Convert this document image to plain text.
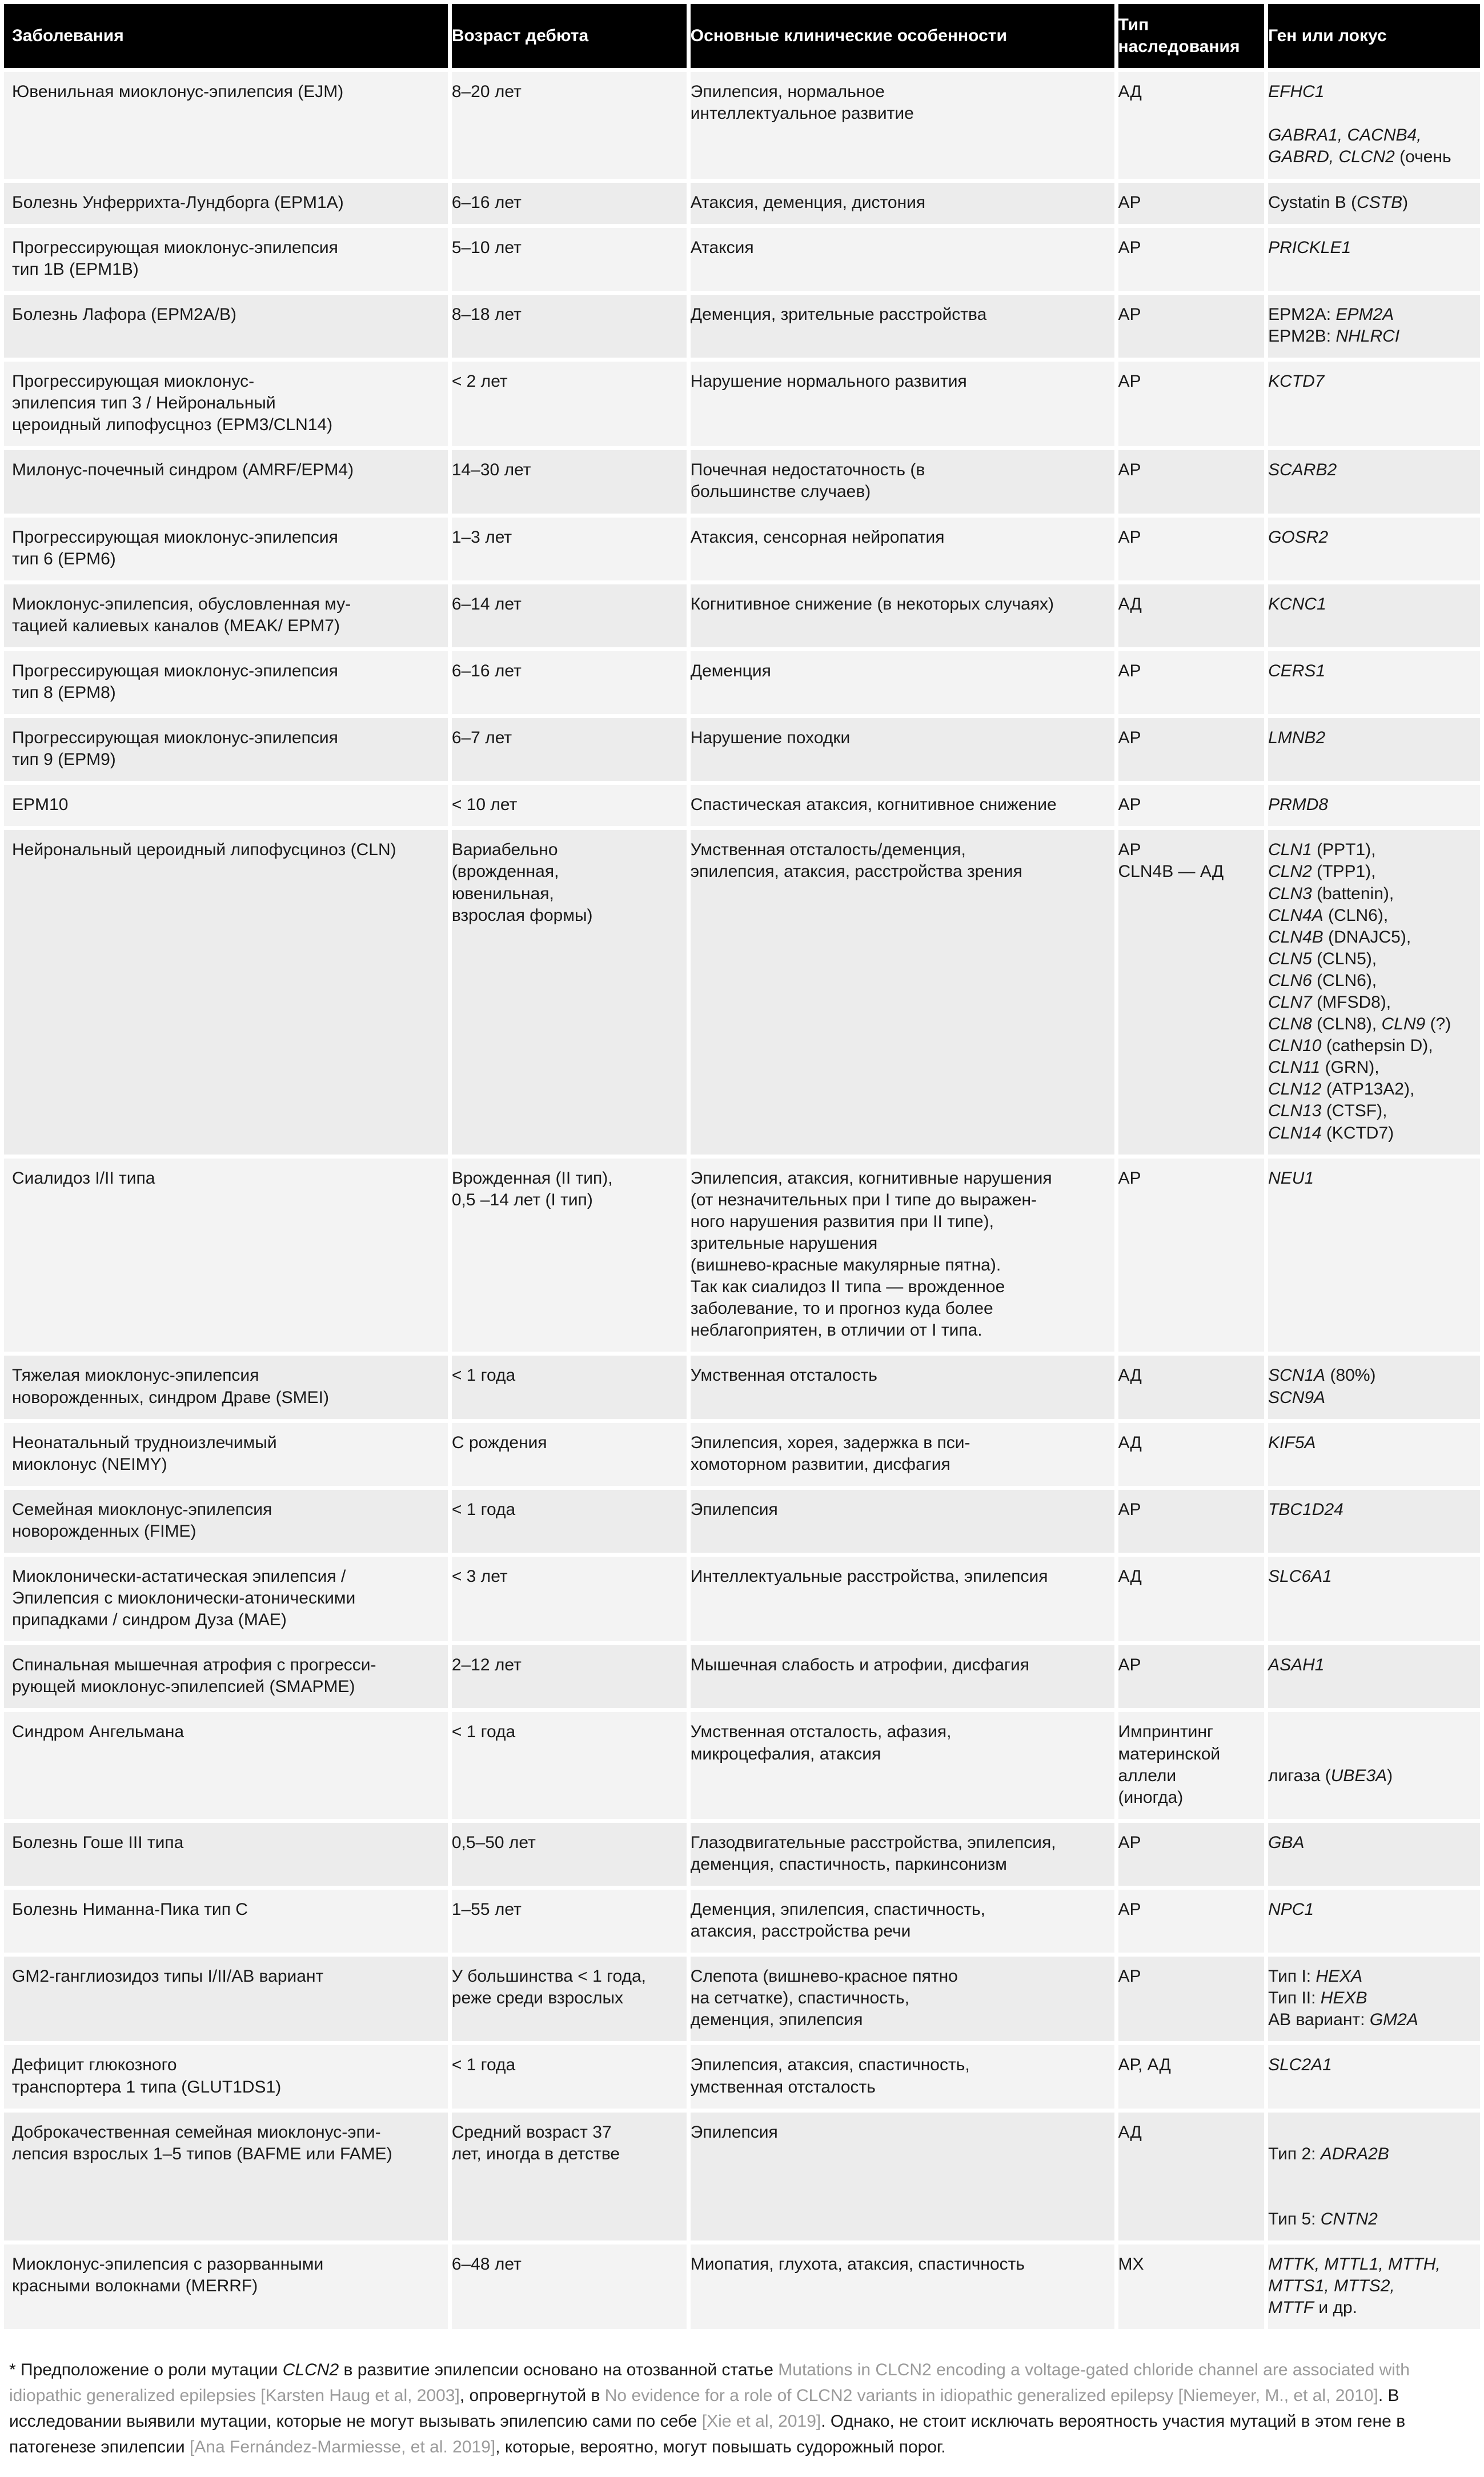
Заболевания	Возраст дебюта	Основные клинические особенности	Тип
наследования	Ген или локус
Ювенильная миоклонус-эпилепсия (EJM)	8–20 лет	Эпилепсия, нормальное
интеллектуальное развитие	АД	EFHC1

GABRA1, CACNB4,
GABRD, CLCN2 (очень

Болезнь Унферрихта-Лундборга (EPM1A)	6–16 лет	Атаксия, деменция, дистония	АР	Cystatin B (CSTB)
Прогрессирующая миоклонус-эпилепсия
тип 1B (EPM1B)	5–10 лет	Атаксия	АР	PRICKLE1
Болезнь Лафора (EPM2A/B)	8–18 лет	Деменция, зрительные расстройства	АР	EPM2A: EPM2A
EPM2B: NHLRCI
Прогрессирующая миоклонус-
эпилепсия тип 3 / Нейрональный
цероидный липофусцноз (EPM3/CLN14)	< 2 лет	Нарушение нормального развития	АР	KCTD7
Милонус-почечный синдром (AMRF/EPM4)	14–30 лет	Почечная недостаточность (в
большинстве случаев)	АР	SCARB2
Прогрессирующая миоклонус-эпилепсия
тип 6 (EPM6)	1–3 лет	Атаксия, сенсорная нейропатия	АР	GOSR2
Миоклонус-эпилепсия, обусловленная му-
тацией калиевых каналов (MEAK/ EPM7)	6–14 лет	Когнитивное снижение (в некоторых случаях)	АД	KCNC1
Прогрессирующая миоклонус-эпилепсия
тип 8 (EPM8)	6–16 лет	Деменция	АР	CERS1
Прогрессирующая миоклонус-эпилепсия
тип 9 (EPM9)	6–7 лет	Нарушение походки	АР	LMNB2
EPM10	< 10 лет	Спастическая атаксия, когнитивное снижение	АР	PRMD8
Нейрональный цероидный липофусциноз (CLN)	Вариабельно
(врожденная,
ювенильная,
взрослая формы)	Умственная отсталость/деменция,
эпилепсия, атаксия, расстройства зрения	АР
CLN4B — АД	CLN1 (PPT1),
CLN2 (TPP1),
CLN3 (battenin),
CLN4A (CLN6),
CLN4B (DNAJC5),
CLN5 (CLN5),
CLN6 (CLN6),
CLN7 (MFSD8),
CLN8 (CLN8), CLN9 (?)
CLN10 (cathepsin D),
CLN11 (GRN),
CLN12 (ATP13A2),
CLN13 (CTSF),
CLN14 (KCTD7)
Сиалидоз I/II типа	Врожденная (II тип),
0,5 –14 лет (I тип)	Эпилепсия, атаксия, когнитивные нарушения
(от незначительных при I типе до выражен-
ного нарушения развития при II типе),
зрительные нарушения
(вишнево-красные макулярные пятна).
Так как сиалидоз II типа — врожденное
заболевание, то и прогноз куда более
неблагоприятен, в отличии от I типа.	АР	NEU1
Тяжелая миоклонус-эпилепсия
новорожденных, синдром Драве (SMEI)	< 1 года	Умственная отсталость	АД	SCN1A (80%)
SCN9A
Неонатальный трудноизлечимый
миоклонус (NEIMY)	С рождения	Эпилепсия, хорея, задержка в пси-
хомоторном развитии, дисфагия	АД	KIF5A
Семейная миоклонус-эпилепсия
новорожденных (FIME)	< 1 года	Эпилепсия	АР	TBC1D24
Миоклонически-астатическая эпилепсия /
Эпилепсия с миоклонически-атоническими
припадками / синдром Дуза (MAE)	< 3 лет	Интеллектуальные расстройства, эпилепсия	АД	SLC6A1
Спинальная мышечная атрофия с прогресси-
рующей миоклонус-эпилепсией (SMAPME)	2–12 лет	Мышечная слабость и атрофии, дисфагия	АР	ASAH1
Синдром Ангельмана	< 1 года	Умственная отсталость, афазия,
микроцефалия, атаксия	Импринтинг
материнской
аллели
(иногда)	лигаза (UBE3A)
Болезнь Гоше III типа	0,5–50 лет	Глазодвигательные расстройства, эпилепсия,
деменция, спастичность, паркинсонизм	АР	GBA
Болезнь Ниманна-Пика тип C	1–55 лет	Деменция, эпилепсия, спастичность,
атаксия, расстройства речи	АР	NPC1
GM2-ганглиозидоз типы I/II/AB вариант	У большинства < 1 года,
реже среди взрослых	Слепота (вишнево-красное пятно
на сетчатке), спастичность,
деменция, эпилепсия	АР	Тип I: HEXA
Тип II: HEXB
АВ вариант: GM2A
Дефицит глюкозного
транспортера 1 типа (GLUT1DS1)	< 1 года	Эпилепсия, атаксия, спастичность,
умственная отсталость	АР, АД	SLC2A1
Доброкачественная семейная миоклонус-эпи-
лепсия взрослых 1–5 типов (BAFME или FAME)	Средний возраст 37
лет, иногда в детстве	Эпилепсия	АД	Тип 2: ADRA2B

Тип 5: CNTN2
Миоклонус-эпилепсия с разорванными
красными волокнами (MERRF)	6–48 лет	Миопатия, глухота, атаксия, спастичность	МХ	MTTK, MTTL1, MTTH,
MTTS1, MTTS2,
MTTF и др.

* Предположение о роли мутации CLCN2 в развитие эпилепсии основано на отозванной статье Mutations in CLCN2 encoding a voltage-gated chloride channel are associated with idiopathic generalized epilepsies [Karsten Haug et al, 2003], опровергнутой в No evidence for a role of CLCN2 variants in idiopathic generalized epilepsy [Niemeyer, M., et al, 2010]. В исследовании выявили мутации, которые не могут вызывать эпилепсию сами по себе [Xie et al, 2019]. Однако, не стоит исключать вероятность участия мутаций в этом гене в патогенезе эпилепсии [Ana Fernández-Marmiesse, et al. 2019], которые, вероятно, могут повышать судорожный порог.
